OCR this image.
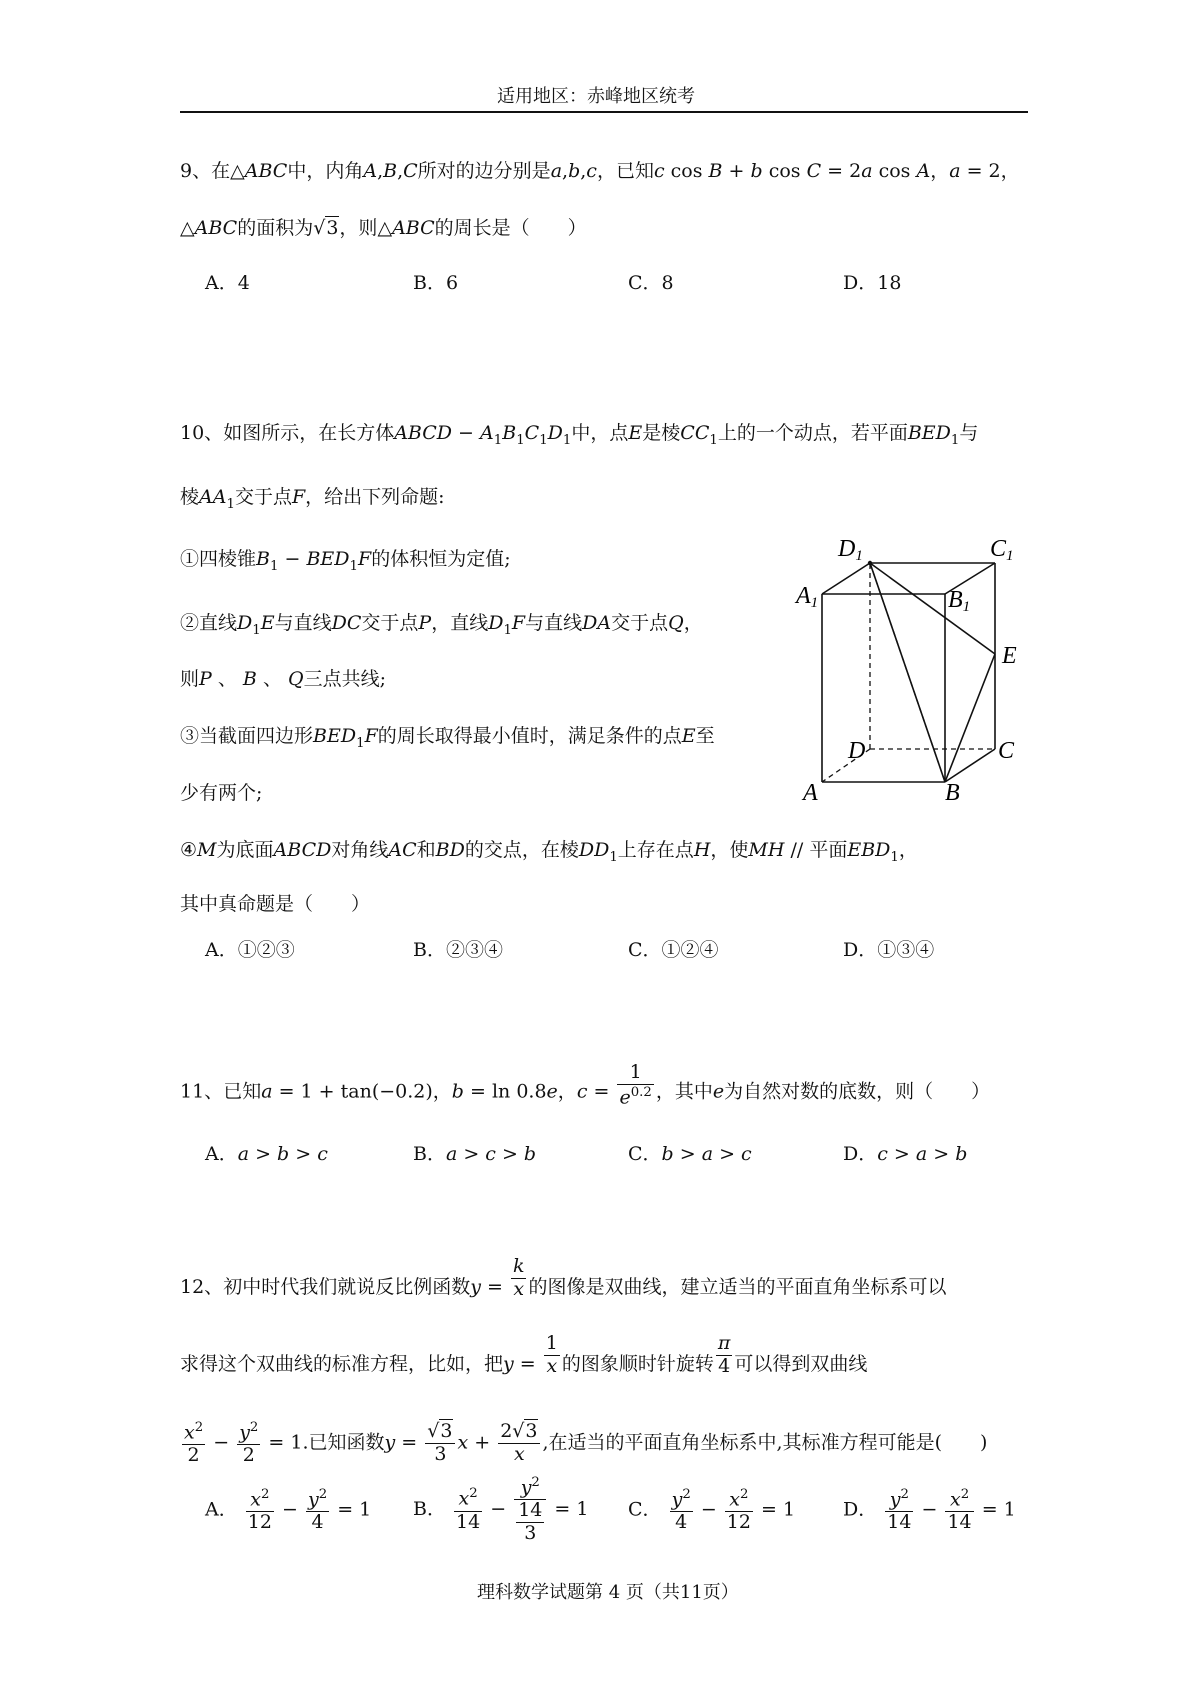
适用地区：赤峰地区统考
9、在△ABC中，内角A,B,C所对的边分别是a,b,c，已知c cos B + b cos C = 2a cos A，a = 2，
△ABC的面积为√3，则△ABC的周长是（　　）
A．4	B．6	C．8	D．18
10、如图所示，在长方体ABCD − $A_1B_1C_1D_1$中，点E是棱$CC_1$上的一个动点，若平面$BED_1$与
棱$AA_1$交于点F，给出下列命题:
①四棱锥$B_1 - BED_1F$的体积恒为定值;
②直线$D_1E$与直线DC交于点P，直线$D_1F$与直线DA交于点Q，
则P 、 B 、 Q三点共线;
③当截面四边形$BED_1F$的周长取得最小值时，满足条件的点E至
少有两个;
④M为底面ABCD对角线AC和BD的交点，在棱$DD_1$上存在点H，使MH // 平面$EBD_1$，
其中真命题是（　　）
A．①②③	B．②③④	C．①②④	D．①③④
D1	C1
A1	B1
E
D	C
A	B
11、已知a = 1 + tan(−0.2)，b = ln 0.8e，$c = \frac{1}{e^{0.2}}$ ，其中e为自然对数的底数，则（　　）
A．a > b > c	B．a > c > b	C．b > a > c	D．c > a > b
12、初中时代我们就说反比例函数$y = \frac{k}{x}$ 的图像是双曲线，建立适当的平面直角坐标系可以
求得这个双曲线的标准方程，比如，把$y = \frac{1}{x}$ 的图象顺时针旋转 $\frac{\pi}{4}$ 可以得到双曲线
$\frac{x^2}{2} - \frac{y^2}{2} = 1$.已知函数$y = \frac{√3}{3}$ $x + \frac{2√3}{x}$ ,在适当的平面直角坐标系中,其标准方程可能是(　　)
A． $\frac{x^2}{12} - \frac{y^2}{4} = 1$ B． $\frac{x^2}{14} - \frac{y^2}{\frac{14}{3}} = 1$ C． $\frac{y^2}{4} - \frac{x^2}{12} = 1$	D． $\frac{y^2}{14} - \frac{x^2}{14} = 1$
理科数学试题第 4 页（共11页）
